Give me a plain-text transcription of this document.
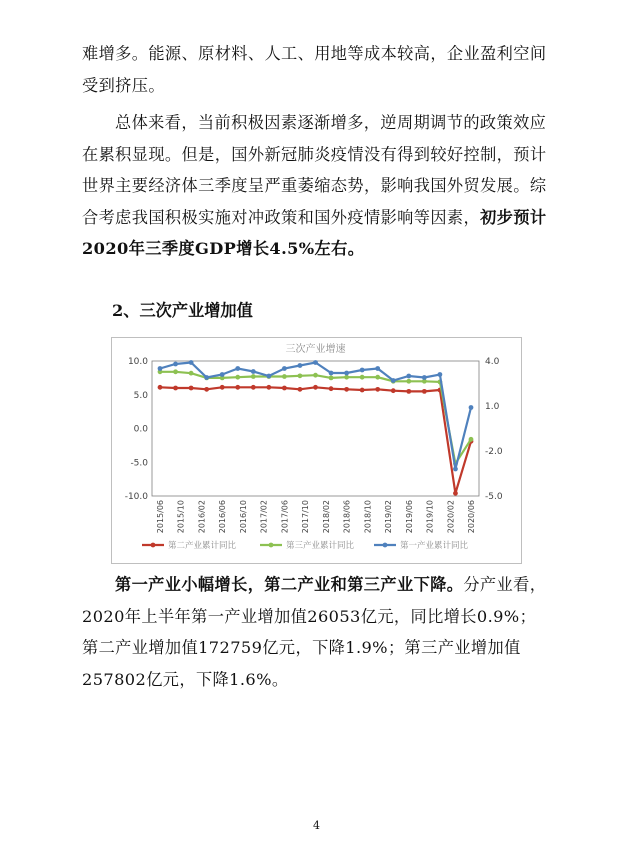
难增多。能源、原材料、人工、用地等成本较高，企业盈利空间受到挤压。

总体来看，当前积极因素逐渐增多，逆周期调节的政策效应在累积显现。但是，国外新冠肺炎疫情没有得到较好控制，预计世界主要经济体三季度呈严重萎缩态势，影响我国外贸发展。综合考虑我国积极实施对冲政策和国外疫情影响等因素，初步预计2020年三季度GDP增长4.5%左右。

2、三次产业增加值

三次产业增速
10.0
5.0
0.0
-5.0
-10.0
4.0
1.0
-2.0
-5.0
2015/06 2015/10 2016/02 2016/06 2016/10 2017/02 2017/06 2017/10 2018/02 2018/06 2018/10 2019/02 2019/06 2019/10 2020/02 2020/06
第二产业累计同比	第三产业累计同比	第一产业累计同比

第一产业小幅增长，第二产业和第三产业下降。分产业看，2020年上半年第一产业增加值26053亿元，同比增长0.9%；第二产业增加值172759亿元，下降1.9%；第三产业增加值257802亿元，下降1.6%。

4
